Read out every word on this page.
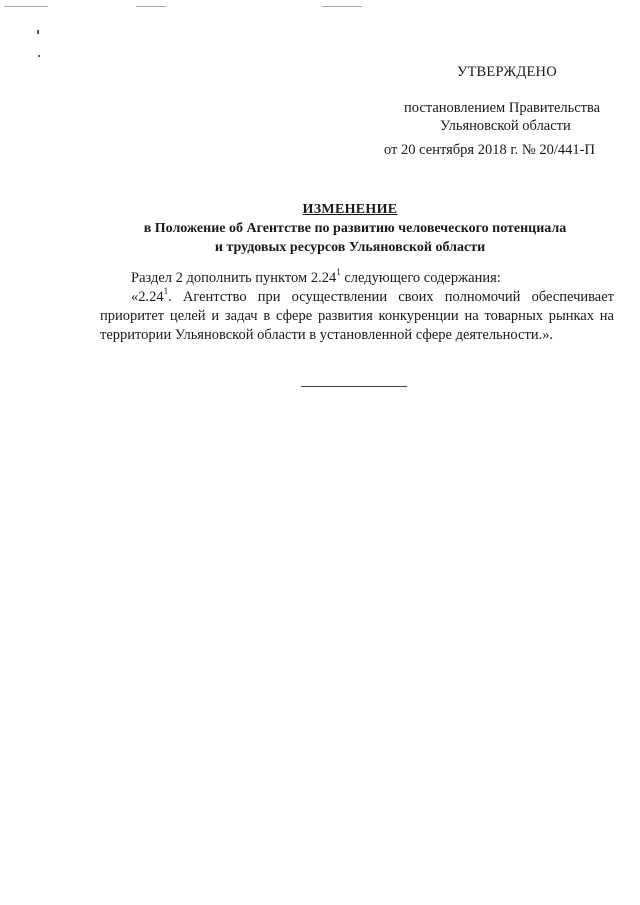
УТВЕРЖДЕНО
постановлением Правительства
Ульяновской области
от 20 сентября 2018 г. № 20/441-П
ИЗМЕНЕНИЕ
в Положение об Агентстве по развитию человеческого потенциала
и трудовых ресурсов Ульяновской области
Раздел 2 дополнить пунктом 2.24$^1$ следующего содержания:
«2.24$^1$. Агентство при осуществлении своих полномочий обеспечивает приоритет целей и задач в сфере развития конкуренции на товарных рынках на территории Ульяновской области в установленной сфере деятельности.».
